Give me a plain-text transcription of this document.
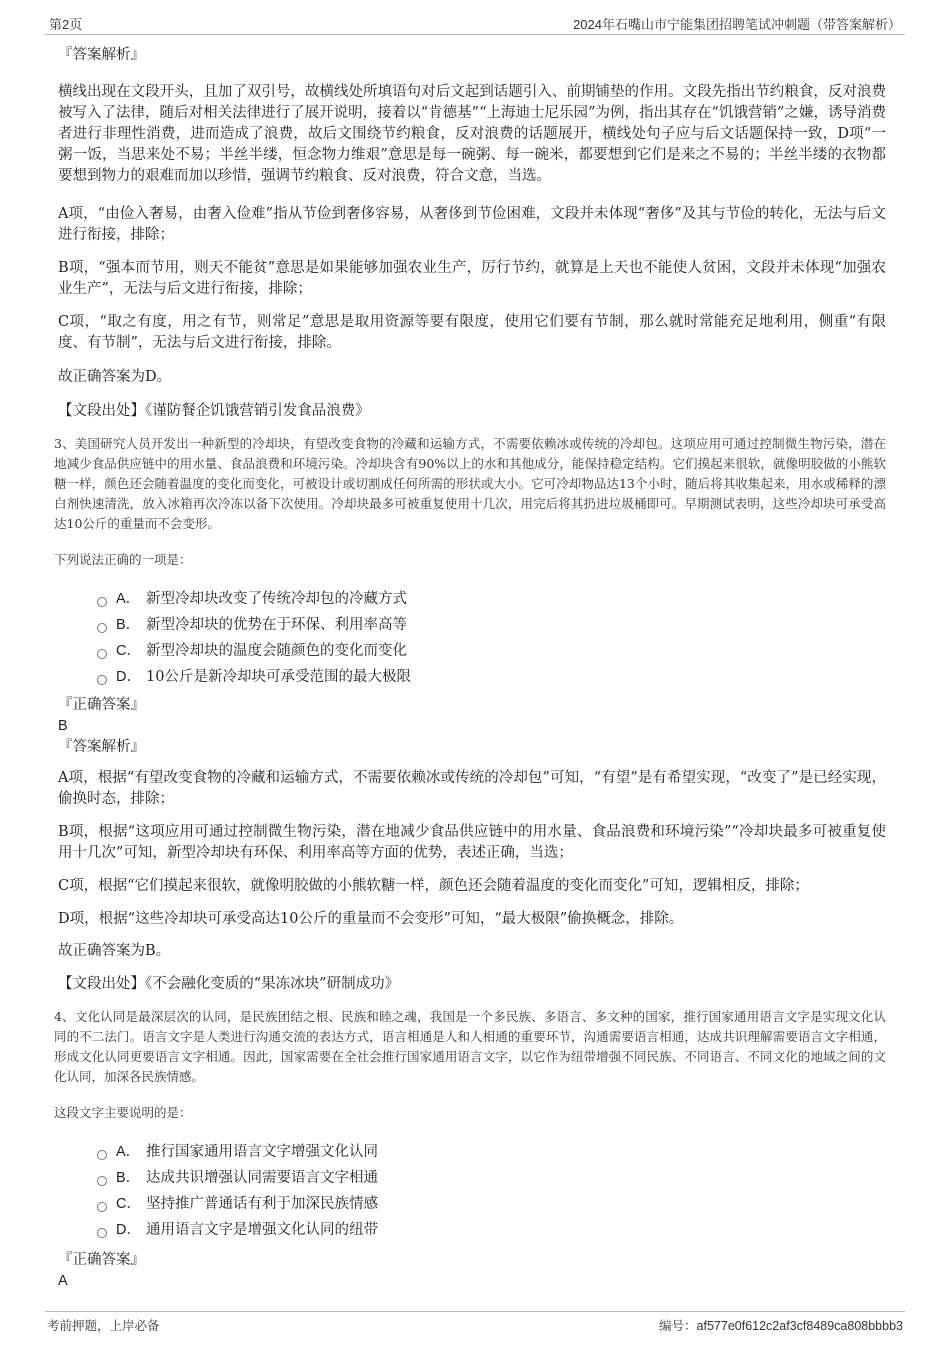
第2页	2024年石嘴山市宁能集团招聘笔试冲刺题（带答案解析）

『答案解析』

横线出现在文段开头，且加了双引号，故横线处所填语句对后文起到话题引入、前期铺垫的作用。文段先指出节约粮食，反对浪费被写入了法律，随后对相关法律进行了展开说明，接着以“肯德基”“上海迪士尼乐园”为例，指出其存在“饥饿营销”之嫌，诱导消费者进行非理性消费，进而造成了浪费，故后文围绕节约粮食，反对浪费的话题展开，横线处句子应与后文话题保持一致，D项“一粥一饭，当思来处不易；半丝半缕，恒念物力维艰”意思是每一碗粥、每一碗米，都要想到它们是来之不易的；半丝半缕的衣物都要想到物力的艰难而加以珍惜，强调节约粮食、反对浪费，符合文意，当选。

A项，“由俭入奢易，由奢入俭难”指从节俭到奢侈容易，从奢侈到节俭困难，文段并未体现“奢侈”及其与节俭的转化，无法与后文进行衔接，排除；

B项，“强本而节用，则天不能贫”意思是如果能够加强农业生产，厉行节约，就算是上天也不能使人贫困，文段并未体现“加强农业生产”，无法与后文进行衔接，排除；

C项，“取之有度，用之有节，则常足”意思是取用资源等要有限度，使用它们要有节制，那么就时常能充足地利用，侧重“有限度、有节制”，无法与后文进行衔接，排除。

故正确答案为D。

【文段出处】《谨防餐企饥饿营销引发食品浪费》

3、美国研究人员开发出一种新型的冷却块，有望改变食物的冷藏和运输方式，不需要依赖冰或传统的冷却包。这项应用可通过控制微生物污染，潜在地减少食品供应链中的用水量、食品浪费和环境污染。冷却块含有90%以上的水和其他成分，能保持稳定结构。它们摸起来很软，就像明胶做的小熊软糖一样，颜色还会随着温度的变化而变化，可被设计或切割成任何所需的形状或大小。它可冷却物品达13个小时，随后将其收集起来，用水或稀释的漂白剂快速清洗，放入冰箱再次冷冻以备下次使用。冷却块最多可被重复使用十几次，用完后将其扔进垃圾桶即可。早期测试表明，这些冷却块可承受高达10公斤的重量而不会变形。

下列说法正确的一项是：

A． 新型冷却块改变了传统冷却包的冷藏方式
B． 新型冷却块的优势在于环保、利用率高等
C． 新型冷却块的温度会随颜色的变化而变化
D． 10公斤是新冷却块可承受范围的最大极限

『正确答案』

B

『答案解析』

A项，根据“有望改变食物的冷藏和运输方式，不需要依赖冰或传统的冷却包”可知，“有望”是有希望实现，“改变了”是已经实现，偷换时态，排除；

B项，根据“这项应用可通过控制微生物污染，潜在地减少食品供应链中的用水量、食品浪费和环境污染”“冷却块最多可被重复使用十几次”可知，新型冷却块有环保、利用率高等方面的优势，表述正确，当选；

C项，根据“它们摸起来很软，就像明胶做的小熊软糖一样，颜色还会随着温度的变化而变化”可知，逻辑相反，排除；

D项，根据“这些冷却块可承受高达10公斤的重量而不会变形”可知，“最大极限”偷换概念，排除。

故正确答案为B。

【文段出处】《不会融化变质的“果冻冰块”研制成功》

4、文化认同是最深层次的认同，是民族团结之根、民族和睦之魂，我国是一个多民族、多语言、多文种的国家，推行国家通用语言文字是实现文化认同的不二法门。语言文字是人类进行沟通交流的表达方式，语言相通是人和人相通的重要环节，沟通需要语言相通，达成共识理解需要语言文字相通，形成文化认同更要语言文字相通。因此，国家需要在全社会推行国家通用语言文字，以它作为纽带增强不同民族、不同语言、不同文化的地域之间的文化认同，加深各民族情感。

这段文字主要说明的是：

A． 推行国家通用语言文字增强文化认同
B． 达成共识增强认同需要语言文字相通
C． 坚持推广普通话有利于加深民族情感
D． 通用语言文字是增强文化认同的纽带

『正确答案』

A

考前押题，上岸必备	编号：af577e0f612c2af3cf8489ca808bbbb3
